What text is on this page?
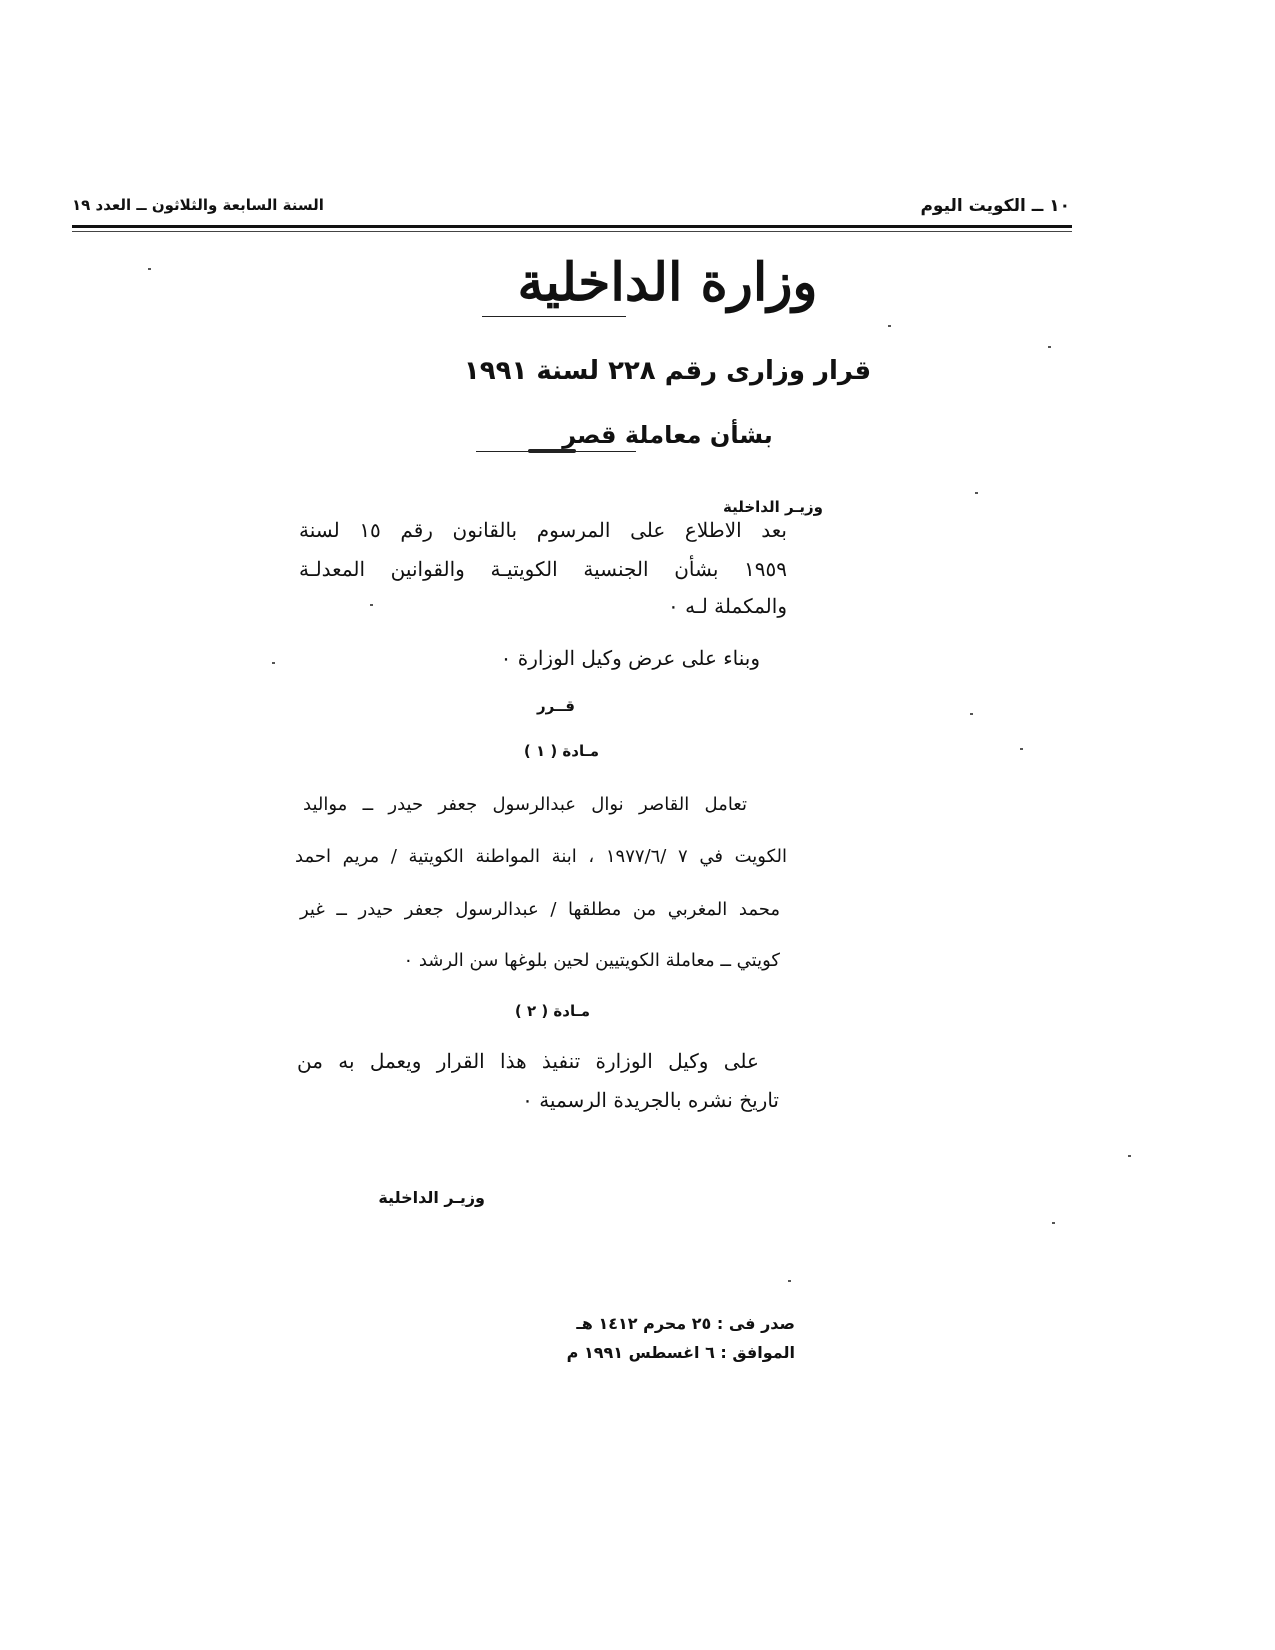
١٠ ــ الكويت اليوم
السنة السابعة والثلاثون ــ العدد ١٩
وزارة الداخلية
قرار وزارى رقم ٢٢٨ لسنة ١٩٩١
بشأن معاملة قصر
وزيـر الداخلية
بعد الاطلاع على المرسوم بالقانون رقم ١٥ لسنة
١٩٥٩ بشأن الجنسية الكويتيـة والقوانين المعدلـة
والمكملة لـه ٠
وبناء على عرض وكيل الوزارة ٠
قــرر
مـادة ( ١ )
تعامل القاصر نوال عبدالرسول جعفر حيدر ــ مواليد
الكويت في ٧ /١٩٧٧/٦ ، ابنة المواطنة الكويتية / مريم احمد
محمد المغربي من مطلقها / عبدالرسول جعفر حيدر ــ غير
كويتي ــ معاملة الكويتيين لحين بلوغها سن الرشد ٠
مـادة ( ٢ )
على وكيل الوزارة تنفيذ هذا القرار ويعمل به من
تاريخ نشره بالجريدة الرسمية ٠
وزيـر الداخلية
صدر فى : ٢٥ محرم ١٤١٢ هـ
الموافق : ٦ اغسطس ١٩٩١ م
